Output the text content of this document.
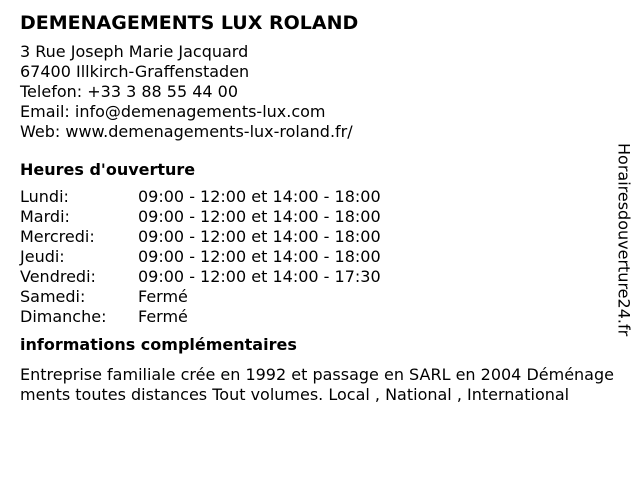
DEMENAGEMENTS LUX ROLAND
3 Rue Joseph Marie Jacquard
67400 Illkirch-Graffenstaden
Telefon: +33 3 88 55 44 00
Email: info@demenagements-lux.com
Web: www.demenagements-lux-roland.fr/
Heures d'ouverture
Lundi:	09:00 - 12:00 et 14:00 - 18:00
Mardi:	09:00 - 12:00 et 14:00 - 18:00
Mercredi:	09:00 - 12:00 et 14:00 - 18:00
Jeudi:	09:00 - 12:00 et 14:00 - 18:00
Vendredi:	09:00 - 12:00 et 14:00 - 17:30
Samedi:	Fermé
Dimanche:	Fermé
informations complémentaires
Entreprise familiale crée en 1992 et passage en SARL en 2004 Déménagements toutes distances Tout volumes. Local , National , International
Horairesdouverture24.fr
